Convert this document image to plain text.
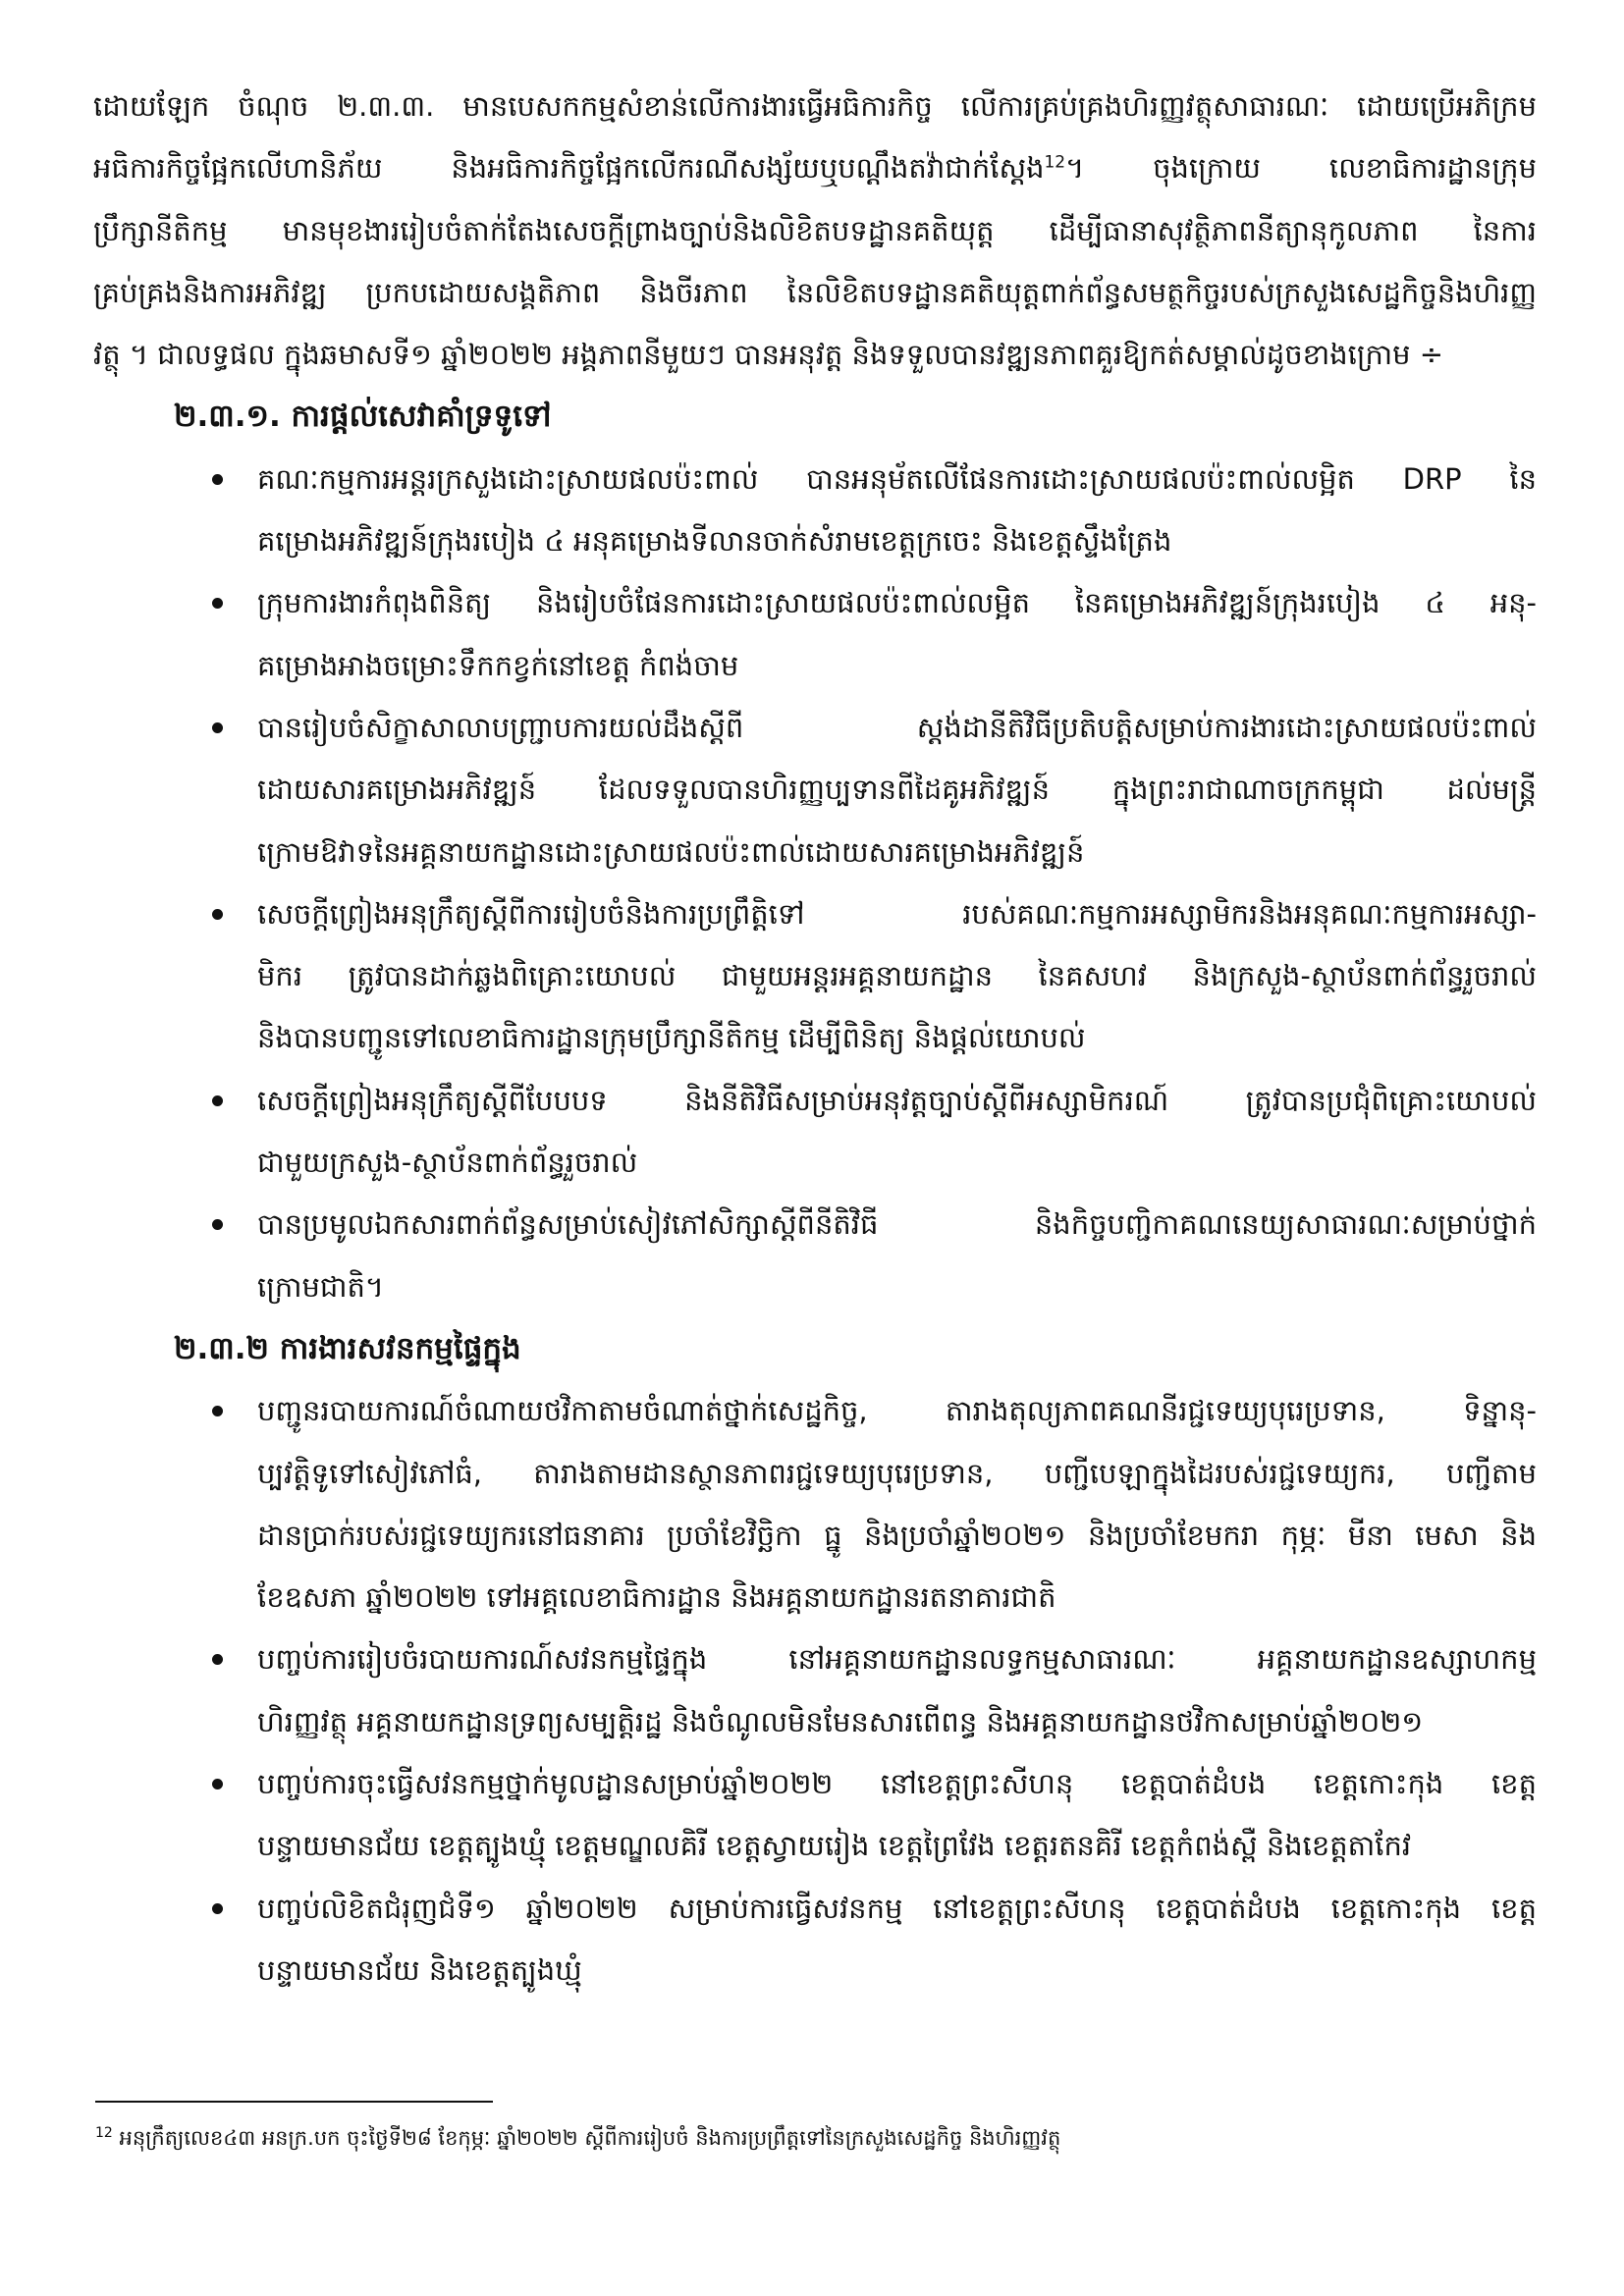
ដោយឡែក ចំណុច ២.៣.៣. មានបេសកកម្មសំខាន់លើការងារធ្វើអធិការកិច្ច លើការគ្រប់គ្រងហិរញ្ញវត្ថុសាធារណៈ ដោយប្រើអភិក្រម
អធិការកិច្ចផ្អែកលើហានិភ័យ និងអធិការកិច្ចផ្អែកលើករណីសង្ស័យឬបណ្ដឹងតវ៉ាជាក់ស្ដែង$^{12}$។ ចុងក្រោយ លេខាធិការដ្ឋានក្រុម
ប្រឹក្សានីតិកម្ម មានមុខងាររៀបចំតាក់តែងសេចក្ដីព្រាងច្បាប់និងលិខិតបទដ្ឋានគតិយុត្ត ដើម្បីធានាសុវត្ថិភាពនីត្យានុកូលភាព នៃការ
គ្រប់គ្រងនិងការអភិវឌ្ឍ ប្រកបដោយសង្គតិភាព និងចីរភាព នៃលិខិតបទដ្ឋានគតិយុត្តពាក់ព័ន្ធសមត្ថកិច្ចរបស់ក្រសួងសេដ្ឋកិច្ចនិងហិរញ្ញ
វត្ថុ ។ ជាលទ្ធផល ក្នុងឆមាសទី១ ឆ្នាំ២០២២ អង្គភាពនីមួយៗ បានអនុវត្ត និងទទួលបានវឌ្ឍនភាពគួរឱ្យកត់សម្គាល់ដូចខាងក្រោម ÷
២.៣.១. ការផ្តល់សេវាគាំទ្រទូទៅ
គណៈកម្មការអន្តរក្រសួងដោះស្រាយផលប៉ះពាល់ បានអនុម័តលើផែនការដោះស្រាយផលប៉ះពាល់លម្អិត DRP នៃ
គម្រោងអភិវឌ្ឍន៍ក្រុងរបៀង ៤ អនុគម្រោងទីលានចាក់សំរាមខេត្តក្រចេះ និងខេត្តស្ទឹងត្រែង
ក្រុមការងារកំពុងពិនិត្យ និងរៀបចំផែនការដោះស្រាយផលប៉ះពាល់លម្អិត នៃគម្រោងអភិវឌ្ឍន៍ក្រុងរបៀង ៤ អនុ-
គម្រោងអាងចម្រោះទឹកកខ្វក់នៅខេត្ត កំពង់ចាម
បានរៀបចំសិក្ខាសាលាបញ្ជ្រាបការយល់ដឹងស្ដីពី ស្តង់ដានីតិវិធីប្រតិបត្តិសម្រាប់ការងារដោះស្រាយផលប៉ះពាល់
ដោយសារគម្រោងអភិវឌ្ឍន៍ ដែលទទួលបានហិរញ្ញប្បទានពីដៃគូអភិវឌ្ឍន៍ ក្នុងព្រះរាជាណាចក្រកម្ពុជា ដល់មន្ត្រី
ក្រោមឱវាទនៃអគ្គនាយកដ្ឋានដោះស្រាយផលប៉ះពាល់ដោយសារគម្រោងអភិវឌ្ឍន៍
សេចក្តីព្រៀងអនុក្រឹត្យស្តីពីការរៀបចំនិងការប្រព្រឹត្តិទៅ របស់គណៈកម្មការអស្សាមិករនិងអនុគណៈកម្មការអស្សា-
មិករ ត្រូវបានដាក់ឆ្លងពិគ្រោះយោបល់ ជាមួយអន្តរអគ្គនាយកដ្ឋាន នៃគសហវ និងក្រសួង-ស្ថាប័នពាក់ព័ន្ធរួចរាល់
និងបានបញ្ជូនទៅលេខាធិការដ្ឋានក្រុមប្រឹក្សានីតិកម្ម ដើម្បីពិនិត្យ និងផ្តល់យោបល់
សេចក្តីព្រៀងអនុក្រឹត្យស្តីពីបែបបទ និងនីតិវិធីសម្រាប់អនុវត្តច្បាប់ស្តីពីអស្សាមិករណ៍ ត្រូវបានប្រជុំពិគ្រោះយោបល់
ជាមួយក្រសួង-ស្ថាប័នពាក់ព័ន្ធរួចរាល់
បានប្រមូលឯកសារពាក់ព័ន្ធសម្រាប់សៀវភៅសិក្សាស្តីពីនីតិវិធី និងកិច្ចបញ្ជិកាគណនេយ្យសាធារណៈសម្រាប់ថ្នាក់
ក្រោមជាតិ។
២.៣.២ ការងារសវនកម្មផ្ទៃក្នុង
បញ្ជូនរបាយការណ៍ចំណាយថវិកាតាមចំណាត់ថ្នាក់សេដ្ឋកិច្ច, តារាងតុល្យភាពគណនីរជ្ជទេយ្យបុរេប្រទាន, ទិន្នានុ-
ប្បវត្តិទូទៅសៀវភៅធំ, តារាងតាមដានស្ថានភាពរជ្ជទេយ្យបុរេប្រទាន, បញ្ជីបេឡាក្នុងដៃរបស់រជ្ជទេយ្យករ, បញ្ជីតាម
ដានប្រាក់របស់រជ្ជទេយ្យករនៅធនាគារ ប្រចាំខែវិច្ឆិកា ធ្នូ និងប្រចាំឆ្នាំ២០២១ និងប្រចាំខែមករា កុម្ភៈ មីនា មេសា និង
ខែឧសភា ឆ្នាំ២០២២ ទៅអគ្គលេខាធិការដ្ឋាន និងអគ្គនាយកដ្ឋានរតនាគារជាតិ
បញ្ចប់ការរៀបចំរបាយការណ៍សវនកម្មផ្ទៃក្នុង នៅអគ្គនាយកដ្ឋានលទ្ធកម្មសាធារណៈ អគ្គនាយកដ្ឋានឧស្សាហកម្ម
ហិរញ្ញវត្ថុ អគ្គនាយកដ្ឋានទ្រព្យសម្បត្តិរដ្ឋ និងចំណូលមិនមែនសារពើពន្ធ និងអគ្គនាយកដ្ឋានថវិកាសម្រាប់ឆ្នាំ២០២១
បញ្ចប់ការចុះធ្វើសវនកម្មថ្នាក់មូលដ្ឋានសម្រាប់ឆ្នាំ២០២២ នៅខេត្តព្រះសីហនុ ខេត្តបាត់ដំបង ខេត្តកោះកុង ខេត្ត
បន្ទាយមានជ័យ ខេត្តត្បូងឃ្មុំ ខេត្តមណ្ឌលគិរី ខេត្តស្វាយរៀង ខេត្តព្រៃវែង ខេត្តរតនគិរី ខេត្តកំពង់ស្ពឺ និងខេត្តតាកែវ
បញ្ចប់លិខិតជំរុញជំទី១ ឆ្នាំ២០២២ សម្រាប់ការធ្វើសវនកម្ម នៅខេត្តព្រះសីហនុ ខេត្តបាត់ដំបង ខេត្តកោះកុង ខេត្ត
បន្ទាយមានជ័យ និងខេត្តត្បូងឃ្មុំ
$^{12}$ អនុក្រឹត្យលេខ៤៣ អនក្រ.បក ចុះថ្ងៃទី២៨ ខែកុម្ភៈ ឆ្នាំ២០២២ ស្តីពីការរៀបចំ និងការប្រព្រឹត្តទៅនៃក្រសួងសេដ្ឋកិច្ច និងហិរញ្ញវត្ថុ
